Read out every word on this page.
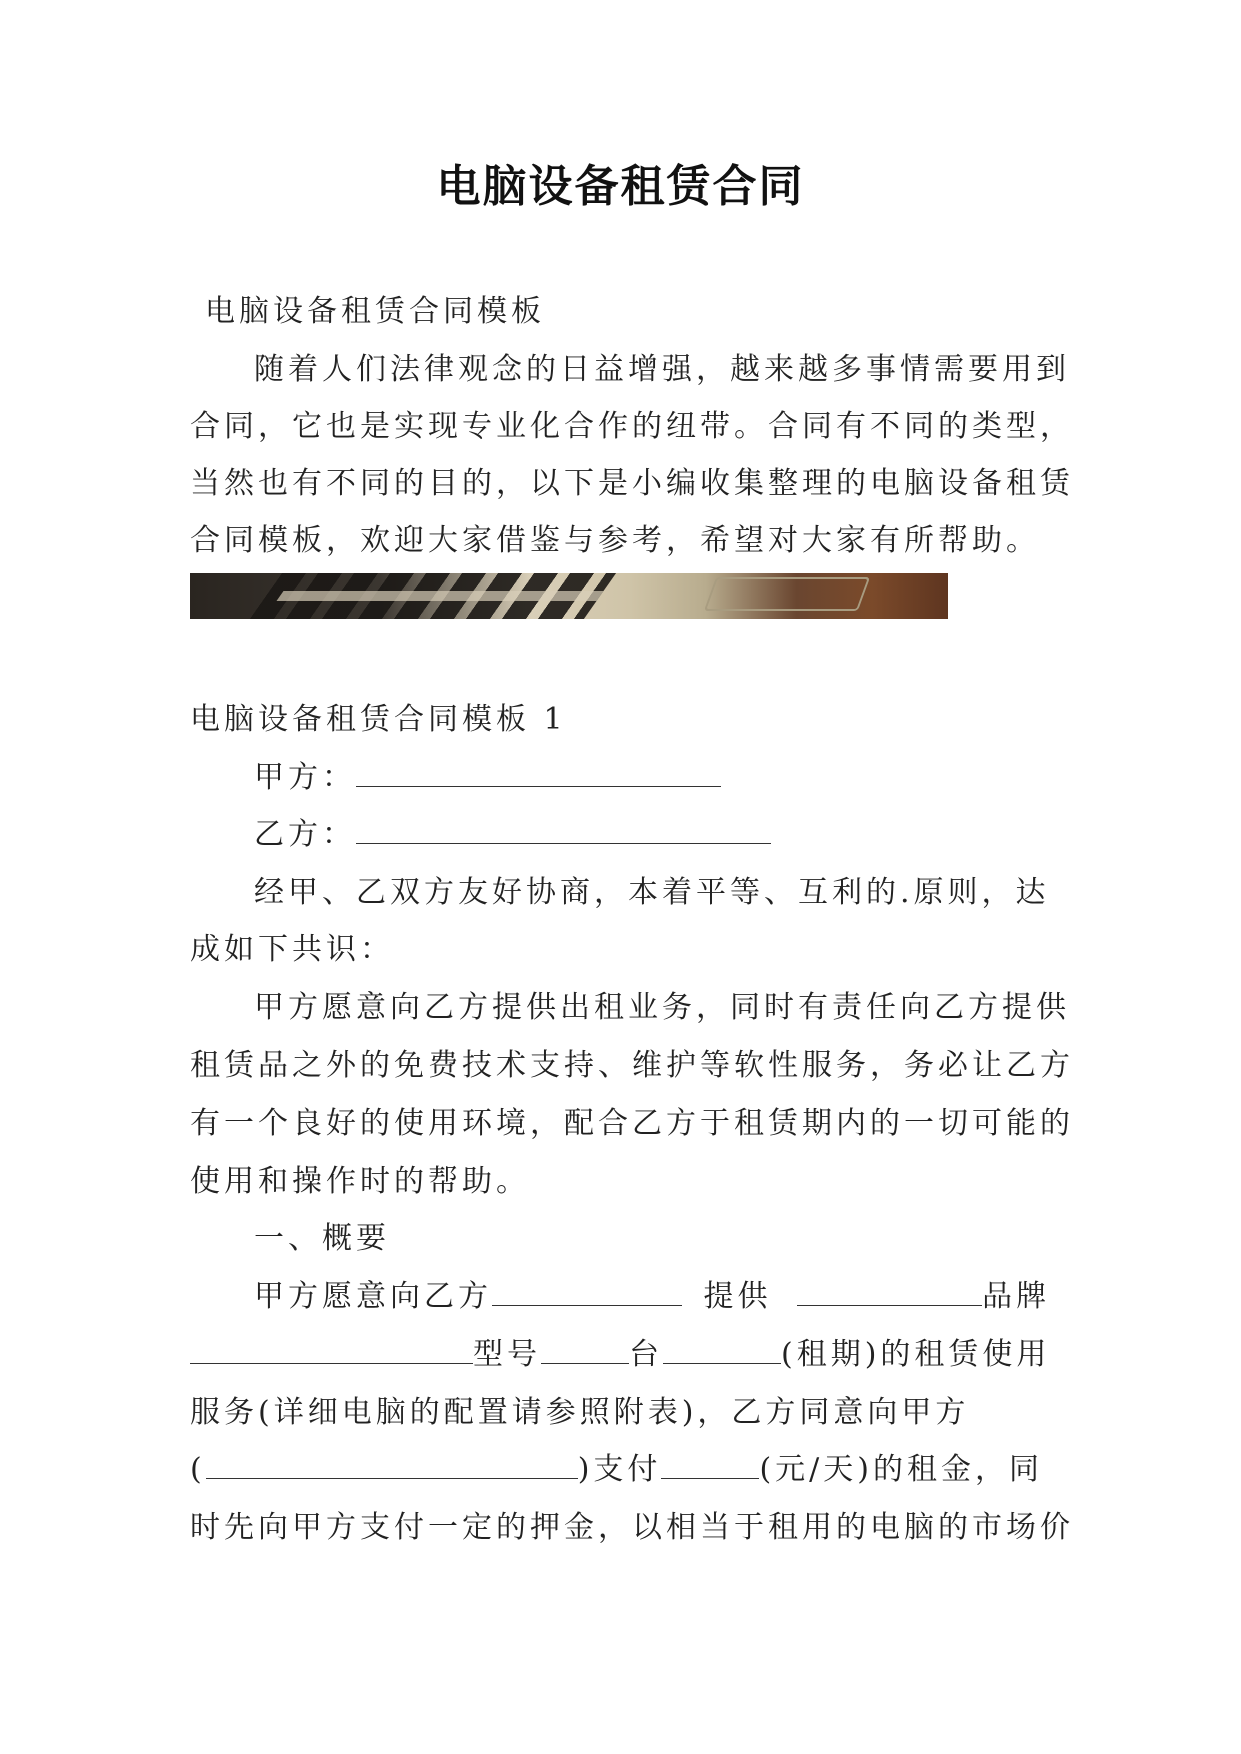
电脑设备租赁合同
电脑设备租赁合同模板
随着人们法律观念的日益增强，越来越多事情需要用到
合同，它也是实现专业化合作的纽带。合同有不同的类型，
当然也有不同的目的，以下是小编收集整理的电脑设备租赁
合同模板，欢迎大家借鉴与参考，希望对大家有所帮助。
电脑设备租赁合同模板 1
甲方：
乙方：
经甲、乙双方友好协商，本着平等、互利的.原则，达
成如下共识：
甲方愿意向乙方提供出租业务，同时有责任向乙方提供
租赁品之外的免费技术支持、维护等软性服务，务必让乙方
有一个良好的使用环境，配合乙方于租赁期内的一切可能的
使用和操作时的帮助。
一、概要
甲方愿意向乙方	提供	品牌
型号	台	(租期)的租赁使用
服务(详细电脑的配置请参照附表)，乙方同意向甲方
(	)支付	(元/天)的租金，同
时先向甲方支付一定的押金，以相当于租用的电脑的市场价
